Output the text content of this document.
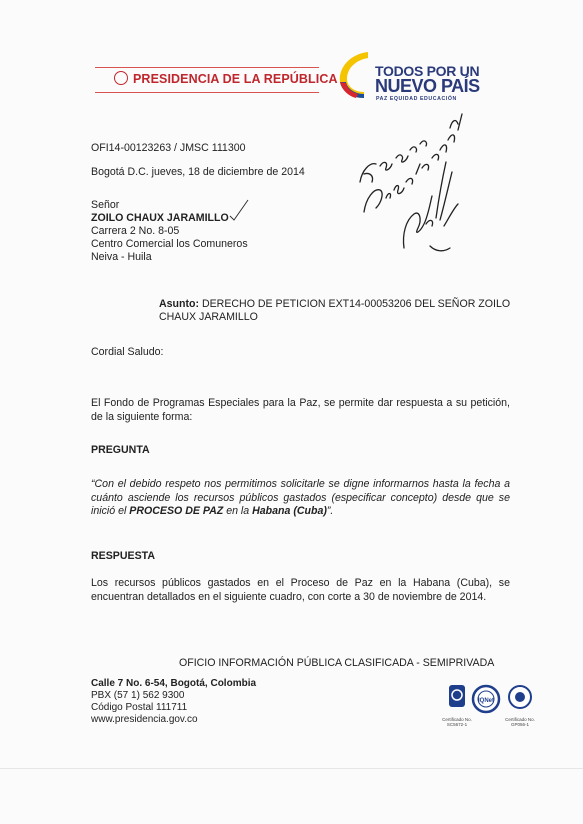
PRESIDENCIA DE LA REPÚBLICA	TODOS POR UN
NUEVO PAÍS
PAZ EQUIDAD EDUCACIÓN
OFI14-00123263 / JMSC 111300
Bogotá D.C. jueves, 18 de diciembre de 2014
Señor
ZOILO CHAUX JARAMILLO
Carrera 2 No. 8-05
Centro Comercial los Comuneros
Neiva - Huila
Asunto: DERECHO DE PETICION EXT14-00053206 DEL SEÑOR ZOILO
CHAUX JARAMILLO
Cordial Saludo:
El Fondo de Programas Especiales para la Paz, se permite dar respuesta a su petición, de la siguiente forma:
PREGUNTA
“Con el debido respeto nos permitimos solicitarle se digne informarnos hasta la fecha a cuánto asciende los recursos públicos gastados (especificar concepto) desde que se inició el PROCESO DE PAZ en la Habana (Cuba)”.
RESPUESTA
Los recursos públicos gastados en el Proceso de Paz en la Habana (Cuba), se encuentran detallados en el siguiente cuadro, con corte a 30 de noviembre de 2014.
OFICIO INFORMACIÓN PÚBLICA CLASIFICADA - SEMIPRIVADA
Calle 7 No. 6-54, Bogotá, Colombia
PBX (57 1) 562 9300
Código Postal 111711
www.presidencia.gov.co	Certificado No. SC5672-1
IQNet
Certificado No. GP056-1
